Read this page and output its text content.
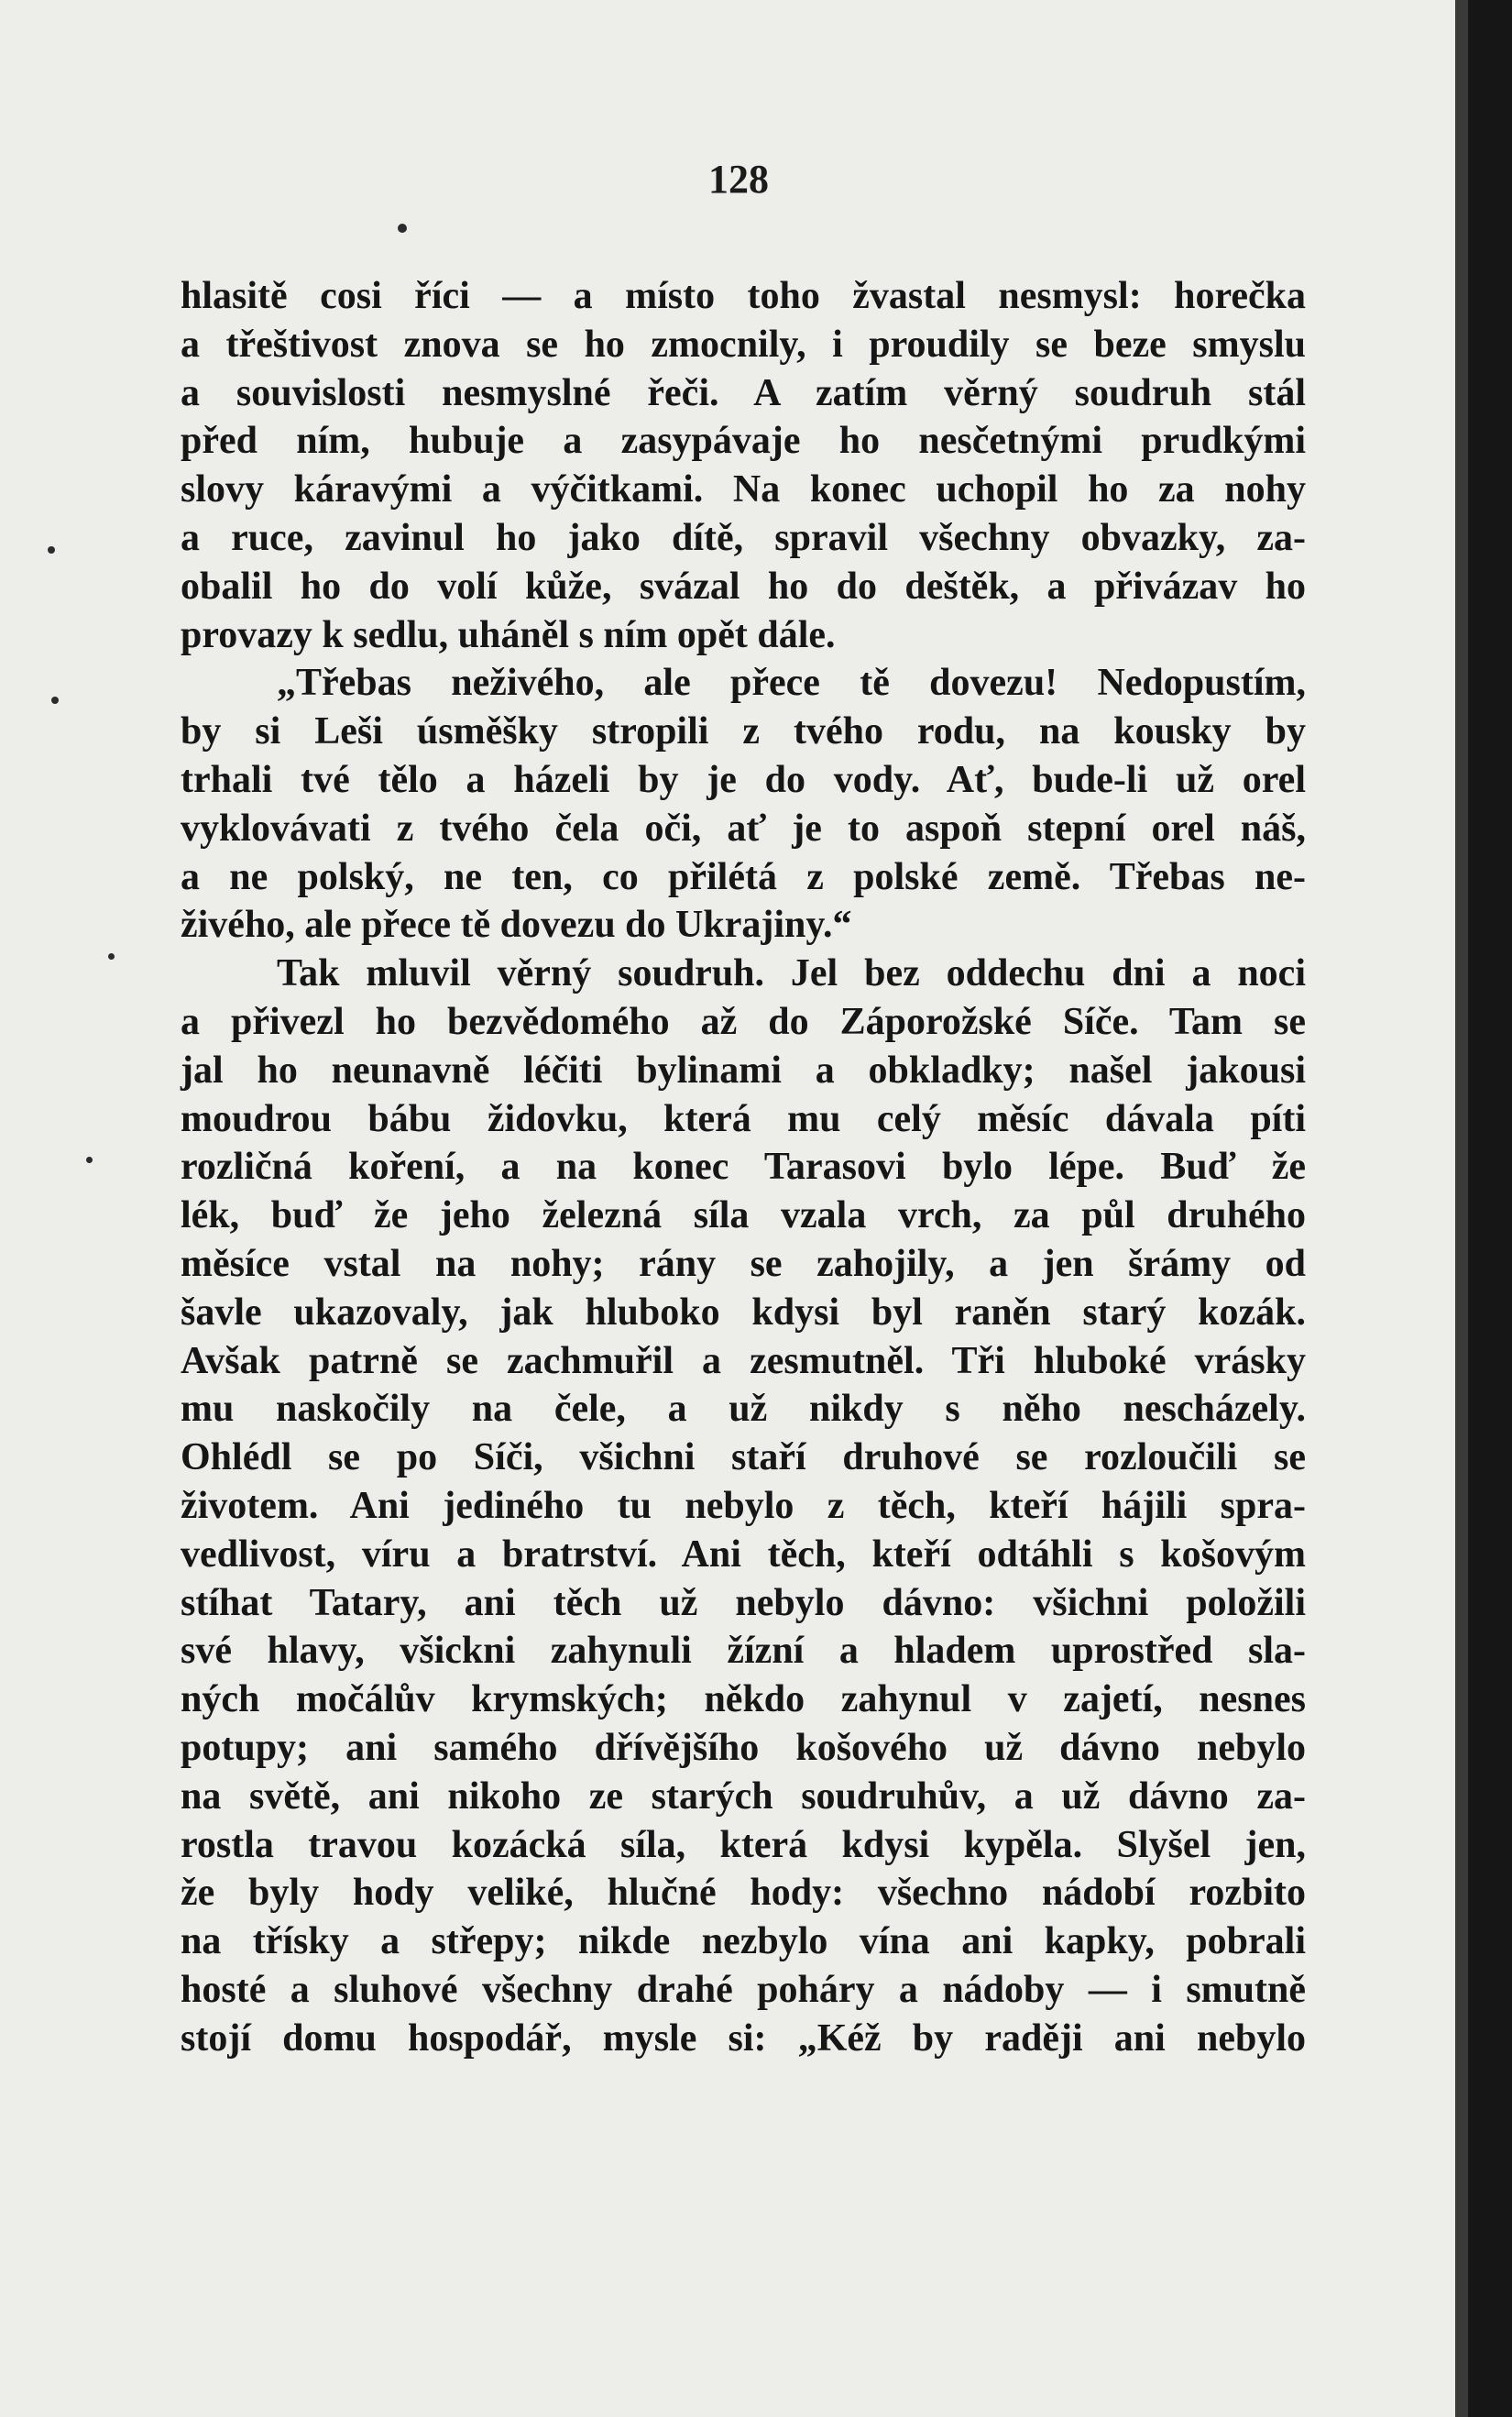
128
hlasitě cosi říci — a místo toho žvastal nesmysl: horečka
a třeštivost znova se ho zmocnily, i proudily se beze smyslu
a souvislosti nesmyslné řeči. A zatím věrný soudruh stál
před ním, hubuje a zasypávaje ho nesčetnými prudkými
slovy káravými a výčitkami. Na konec uchopil ho za nohy
a ruce, zavinul ho jako dítě, spravil všechny obvazky, za-
obalil ho do volí kůže, svázal ho do deštěk, a přivázav ho
provazy k sedlu, uháněl s ním opět dále.
„Třebas neživého, ale přece tě dovezu! Nedopustím,
by si Leši úsměšky stropili z tvého rodu, na kousky by
trhali tvé tělo a házeli by je do vody. Ať, bude-li už orel
vyklovávati z tvého čela oči, ať je to aspoň stepní orel náš,
a ne polský, ne ten, co přilétá z polské země. Třebas ne-
živého, ale přece tě dovezu do Ukrajiny.“
Tak mluvil věrný soudruh. Jel bez oddechu dni a noci
a přivezl ho bezvědomého až do Záporožské Síče. Tam se
jal ho neunavně léčiti bylinami a obkladky; našel jakousi
moudrou bábu židovku, která mu celý měsíc dávala píti
rozličná koření, a na konec Tarasovi bylo lépe. Buď že
lék, buď že jeho železná síla vzala vrch, za půl druhého
měsíce vstal na nohy; rány se zahojily, a jen šrámy od
šavle ukazovaly, jak hluboko kdysi byl raněn starý kozák.
Avšak patrně se zachmuřil a zesmutněl. Tři hluboké vrásky
mu naskočily na čele, a už nikdy s něho nescházely.
Ohlédl se po Síči, všichni staří druhové se rozloučili se
životem. Ani jediného tu nebylo z těch, kteří hájili spra-
vedlivost, víru a bratrství. Ani těch, kteří odtáhli s košovým
stíhat Tatary, ani těch už nebylo dávno: všichni položili
své hlavy, všickni zahynuli žízní a hladem uprostřed sla-
ných močálův krymských; někdo zahynul v zajetí, nesnes
potupy; ani samého dřívějšího košového už dávno nebylo
na světě, ani nikoho ze starých soudruhův, a už dávno za-
rostla travou kozácká síla, která kdysi kypěla. Slyšel jen,
že byly hody veliké, hlučné hody: všechno nádobí rozbito
na třísky a střepy; nikde nezbylo vína ani kapky, pobrali
hosté a sluhové všechny drahé poháry a nádoby — i smutně
stojí domu hospodář, mysle si: „Kéž by raději ani nebylo
